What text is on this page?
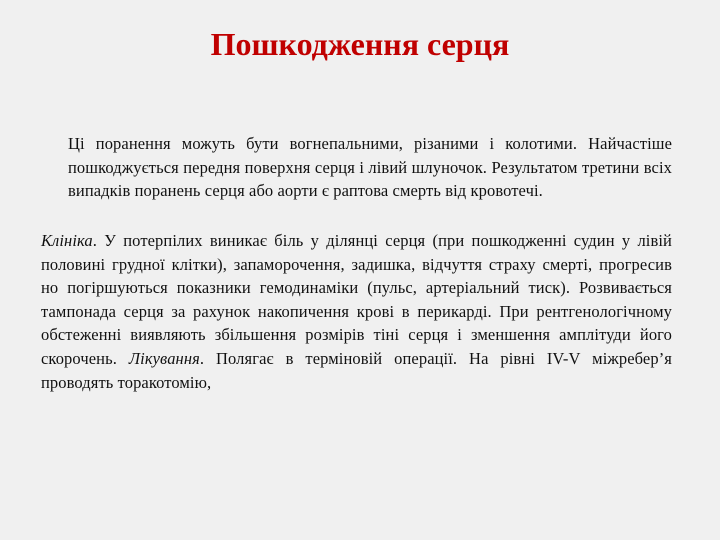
Пошкодження серця

Ці поранення можуть бути вогнепальними, різаними і колотими. Найчастіше пошкоджується передня поверхня серця і лівий шлуночок. Результатом третини всіх випадків поранень серця або аорти є раптова смерть від кровотечі.

Клініка. У потерпілих виникає біль у ділянці серця (при пошкодженні судин у лівій половині грудної клітки), запаморочення, задишка, відчуття страху смерті, прогресив но погіршуються показники гемодинаміки (пульс, артеріальний тиск). Розвивається тампонада серця за рахунок накопичення крові в перикарді. При рентгенологічному обстеженні виявляють збільшення розмірів тіні серця і зменшення амплітуди його скорочень. Лікування. Полягає в терміновій операції. На рівні IV-V міжребер’я проводять торакотомію,
